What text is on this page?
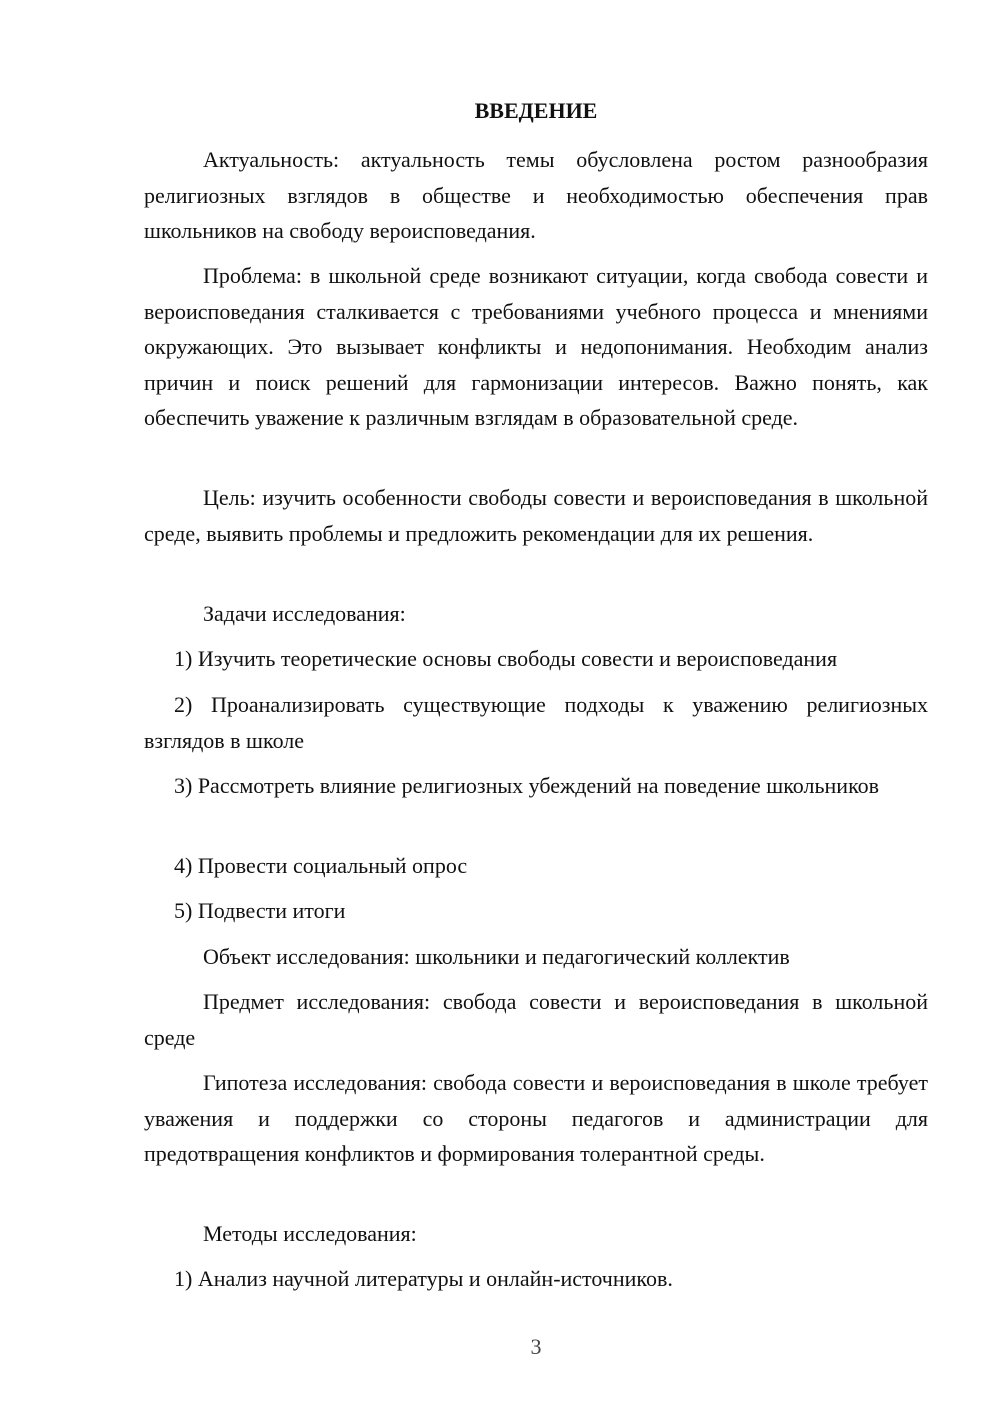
ВВЕДЕНИЕ

Актуальность: актуальность темы обусловлена ростом разнообразия религиозных взглядов в обществе и необходимостью обеспечения прав школьников на свободу вероисповедания.

Проблема: в школьной среде возникают ситуации, когда свобода совести и вероисповедания сталкивается с требованиями учебного процесса и мнениями окружающих. Это вызывает конфликты и недопонимания. Необходим анализ причин и поиск решений для гармонизации интересов. Важно понять, как обеспечить уважение к различным взглядам в образовательной среде.

Цель: изучить особенности свободы совести и вероисповедания в школьной среде, выявить проблемы и предложить рекомендации для их решения.

Задачи исследования:

1) Изучить теоретические основы свободы совести и вероисповедания

2) Проанализировать существующие подходы к уважению религиозных взглядов в школе

3) Рассмотреть влияние религиозных убеждений на поведение школьников

4) Провести социальный опрос

5) Подвести итоги

Объект исследования: школьники и педагогический коллектив

Предмет исследования: свобода совести и вероисповедания в школьной среде

Гипотеза исследования: свобода совести и вероисповедания в школе требует уважения и поддержки со стороны педагогов и администрации для предотвращения конфликтов и формирования толерантной среды.

Методы исследования:

1) Анализ научной литературы и онлайн-источников.

3
